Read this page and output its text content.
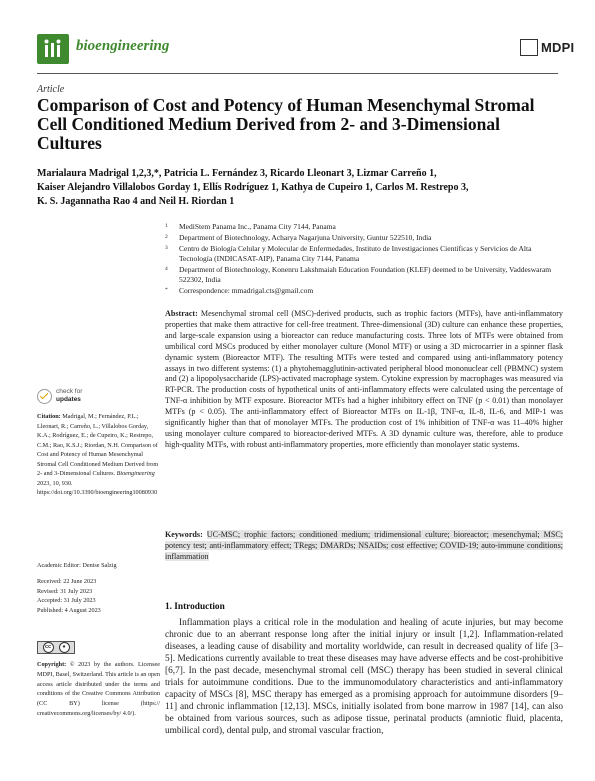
bioengineering	MDPI
Article
Comparison of Cost and Potency of Human Mesenchymal Stromal Cell Conditioned Medium Derived from 2- and 3-Dimensional Cultures
Marialaura Madrigal 1,2,3,*, Patricia L. Fernández 3, Ricardo Lleonart 3, Lizmar Carreño 1,
Kaiser Alejandro Villalobos Gorday 1, Ellís Rodríguez 1, Kathya de Cupeiro 1, Carlos M. Restrepo 3,
K. S. Jagannatha Rao 4 and Neil H. Riordan 1
1 MediStem Panama Inc., Panama City 7144, Panama
2 Department of Biotechnology, Acharya Nagarjuna University, Guntur 522510, India
3 Centro de Biología Celular y Molecular de Enfermedades, Instituto de Investigaciones Científicas y Servicios de Alta Tecnología (INDICASAT-AIP), Panama City 7144, Panama
4 Department of Biotechnology, Konenru Lakshmaiah Education Foundation (KLEF) deemed to be University, Vaddeswaram 522302, India
* Correspondence: mmadrigal.cts@gmail.com

Abstract: Mesenchymal stromal cell (MSC)-derived products, such as trophic factors (MTFs), have anti-inflammatory properties that make them attractive for cell-free treatment. Three-dimensional (3D) culture can enhance these properties, and large-scale expansion using a bioreactor can reduce manufacturing costs. Three lots of MTFs were obtained from umbilical cord MSCs produced by either monolayer culture (Monol MTF) or using a 3D microcarrier in a spinner flask dynamic system (Bioreactor MTF). The resulting MTFs were tested and compared using anti-inflammatory potency assays in two different systems: (1) a phytohemagglutinin-activated peripheral blood mononuclear cell (PBMNC) system and (2) a lipopolysaccharide (LPS)-activated macrophage system. Cytokine expression by macrophages was measured via RT-PCR. The production costs of hypothetical units of anti-inflammatory effects were calculated using the percentage of TNF-α inhibition by MTF exposure. Bioreactor MTFs had a higher inhibitory effect on TNF (p < 0.01) than monolayer MTFs (p < 0.05). The anti-inflammatory effect of Bioreactor MTFs on IL-1β, TNF-α, IL-8, IL-6, and MIP-1 was significantly higher than that of monolayer MTFs. The production cost of 1% inhibition of TNF-α was 11–40% higher using monolayer culture compared to bioreactor-derived MTFs. A 3D dynamic culture was, therefore, able to produce high-quality MTFs, with robust anti-inflammatory properties, more efficiently than monolayer static systems.

check for
updates
Citation: Madrigal, M.; Fernández, P.L.; Lleonart, R.; Carreño, L.; Villalobos Gorday, K.A.; Rodríguez, E.; de Cupeiro, K.; Restrepo, C.M.; Rao, K.S.J.; Riordan, N.H. Comparison of Cost and Potency of Human Mesenchymal Stromal Cell Conditioned Medium Derived from 2- and 3-Dimensional Cultures. Bioengineering 2023, 10, 930. https://doi.org/10.3390/bioengineering10080930
Academic Editor: Denise Salzig
Received: 22 June 2023
Revised: 31 July 2023
Accepted: 31 July 2023
Published: 4 August 2023
cc	●
Copyright: © 2023 by the authors. Licensee MDPI, Basel, Switzerland. This article is an open access article distributed under the terms and conditions of the Creative Commons Attribution (CC BY) license (https:// creativecommons.org/licenses/by/ 4.0/).
Keywords: UC-MSC; trophic factors; conditioned medium; tridimensional culture; bioreactor; mesenchymal; MSC; potency test; anti-inflammatory effect; TRegs; DMARDs; NSAIDs; cost effective; COVID-19; auto-immune conditions; inflammation
1. Introduction

Inflammation plays a critical role in the modulation and healing of acute injuries, but may become chronic due to an aberrant response long after the initial injury or insult [1,2]. Inflammation-related diseases, a leading cause of disability and mortality worldwide, can result in decreased quality of life [3–5]. Medications currently available to treat these diseases may have adverse effects and be cost-prohibitive [6,7]. In the past decade, mesenchymal stromal cell (MSC) therapy has been studied in several clinical trials for autoimmune conditions. Due to the immunomodulatory characteristics and anti-inflammatory capacity of MSCs [8], MSC therapy has emerged as a promising approach for autoimmune disorders [9–11] and chronic inflammation [12,13]. MSCs, initially isolated from bone marrow in 1987 [14], can also be obtained from various sources, such as adipose tissue, perinatal products (amniotic fluid, placenta, umbilical cord), dental pulp, and stromal vascular fraction,
